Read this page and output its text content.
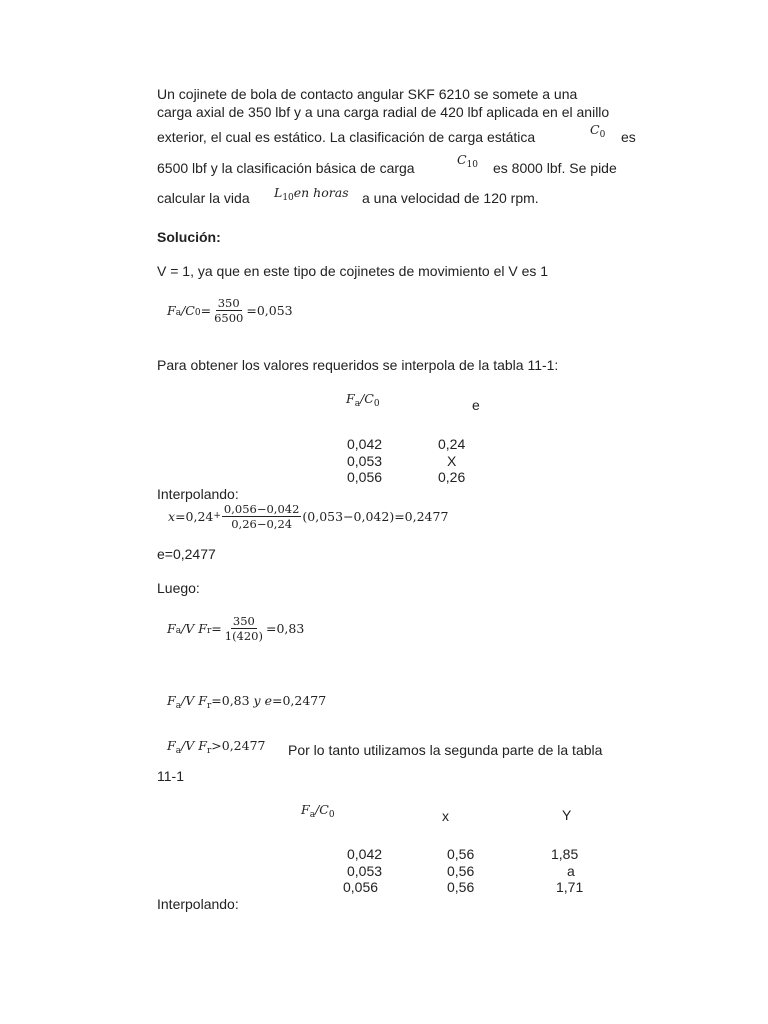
Un cojinete de bola de contacto angular SKF 6210 se somete a una
carga axial de 350 lbf y a una carga radial de 420 lbf aplicada en el anillo
exterior, el cual es estático. La clasificación de carga estática	$C_0$ es
6500 lbf y la clasificación básica de carga
$C_{10}$ es 8000 lbf. Se pide
calcular la vida $L_{10}en$ horas a una velocidad de 120 rpm.
Solución:
V = 1, ya que en este tipo de cojinetes de movimiento el V es 1
F a /C $0 = \frac{350}{6500} =0,053$
Para obtener los valores requeridos se interpola de la tabla 11-1:
$F_a/C_0$	e
0,042	0,24
0,053	X
0,056	0,26
Interpolando:
$x =0,24 + \frac{0,056-0,042}{0,26-0,24} (0,053-0,042) =0,2477$
e=0,2477
Luego:
F a /V F $r = \frac{350}{1(420)} =0,83$
$F_a/V$ $F_r=0,83$ y e=0,2477
$F_a/V$ $F_r>0,2477$ Por lo tanto utilizamos la segunda parte de la tabla
11-1
$F_a/C_0$	x	Y
0,042	0,56	1,85
0,053	0,56	a
0,056	0,56	1,71
Interpolando:
